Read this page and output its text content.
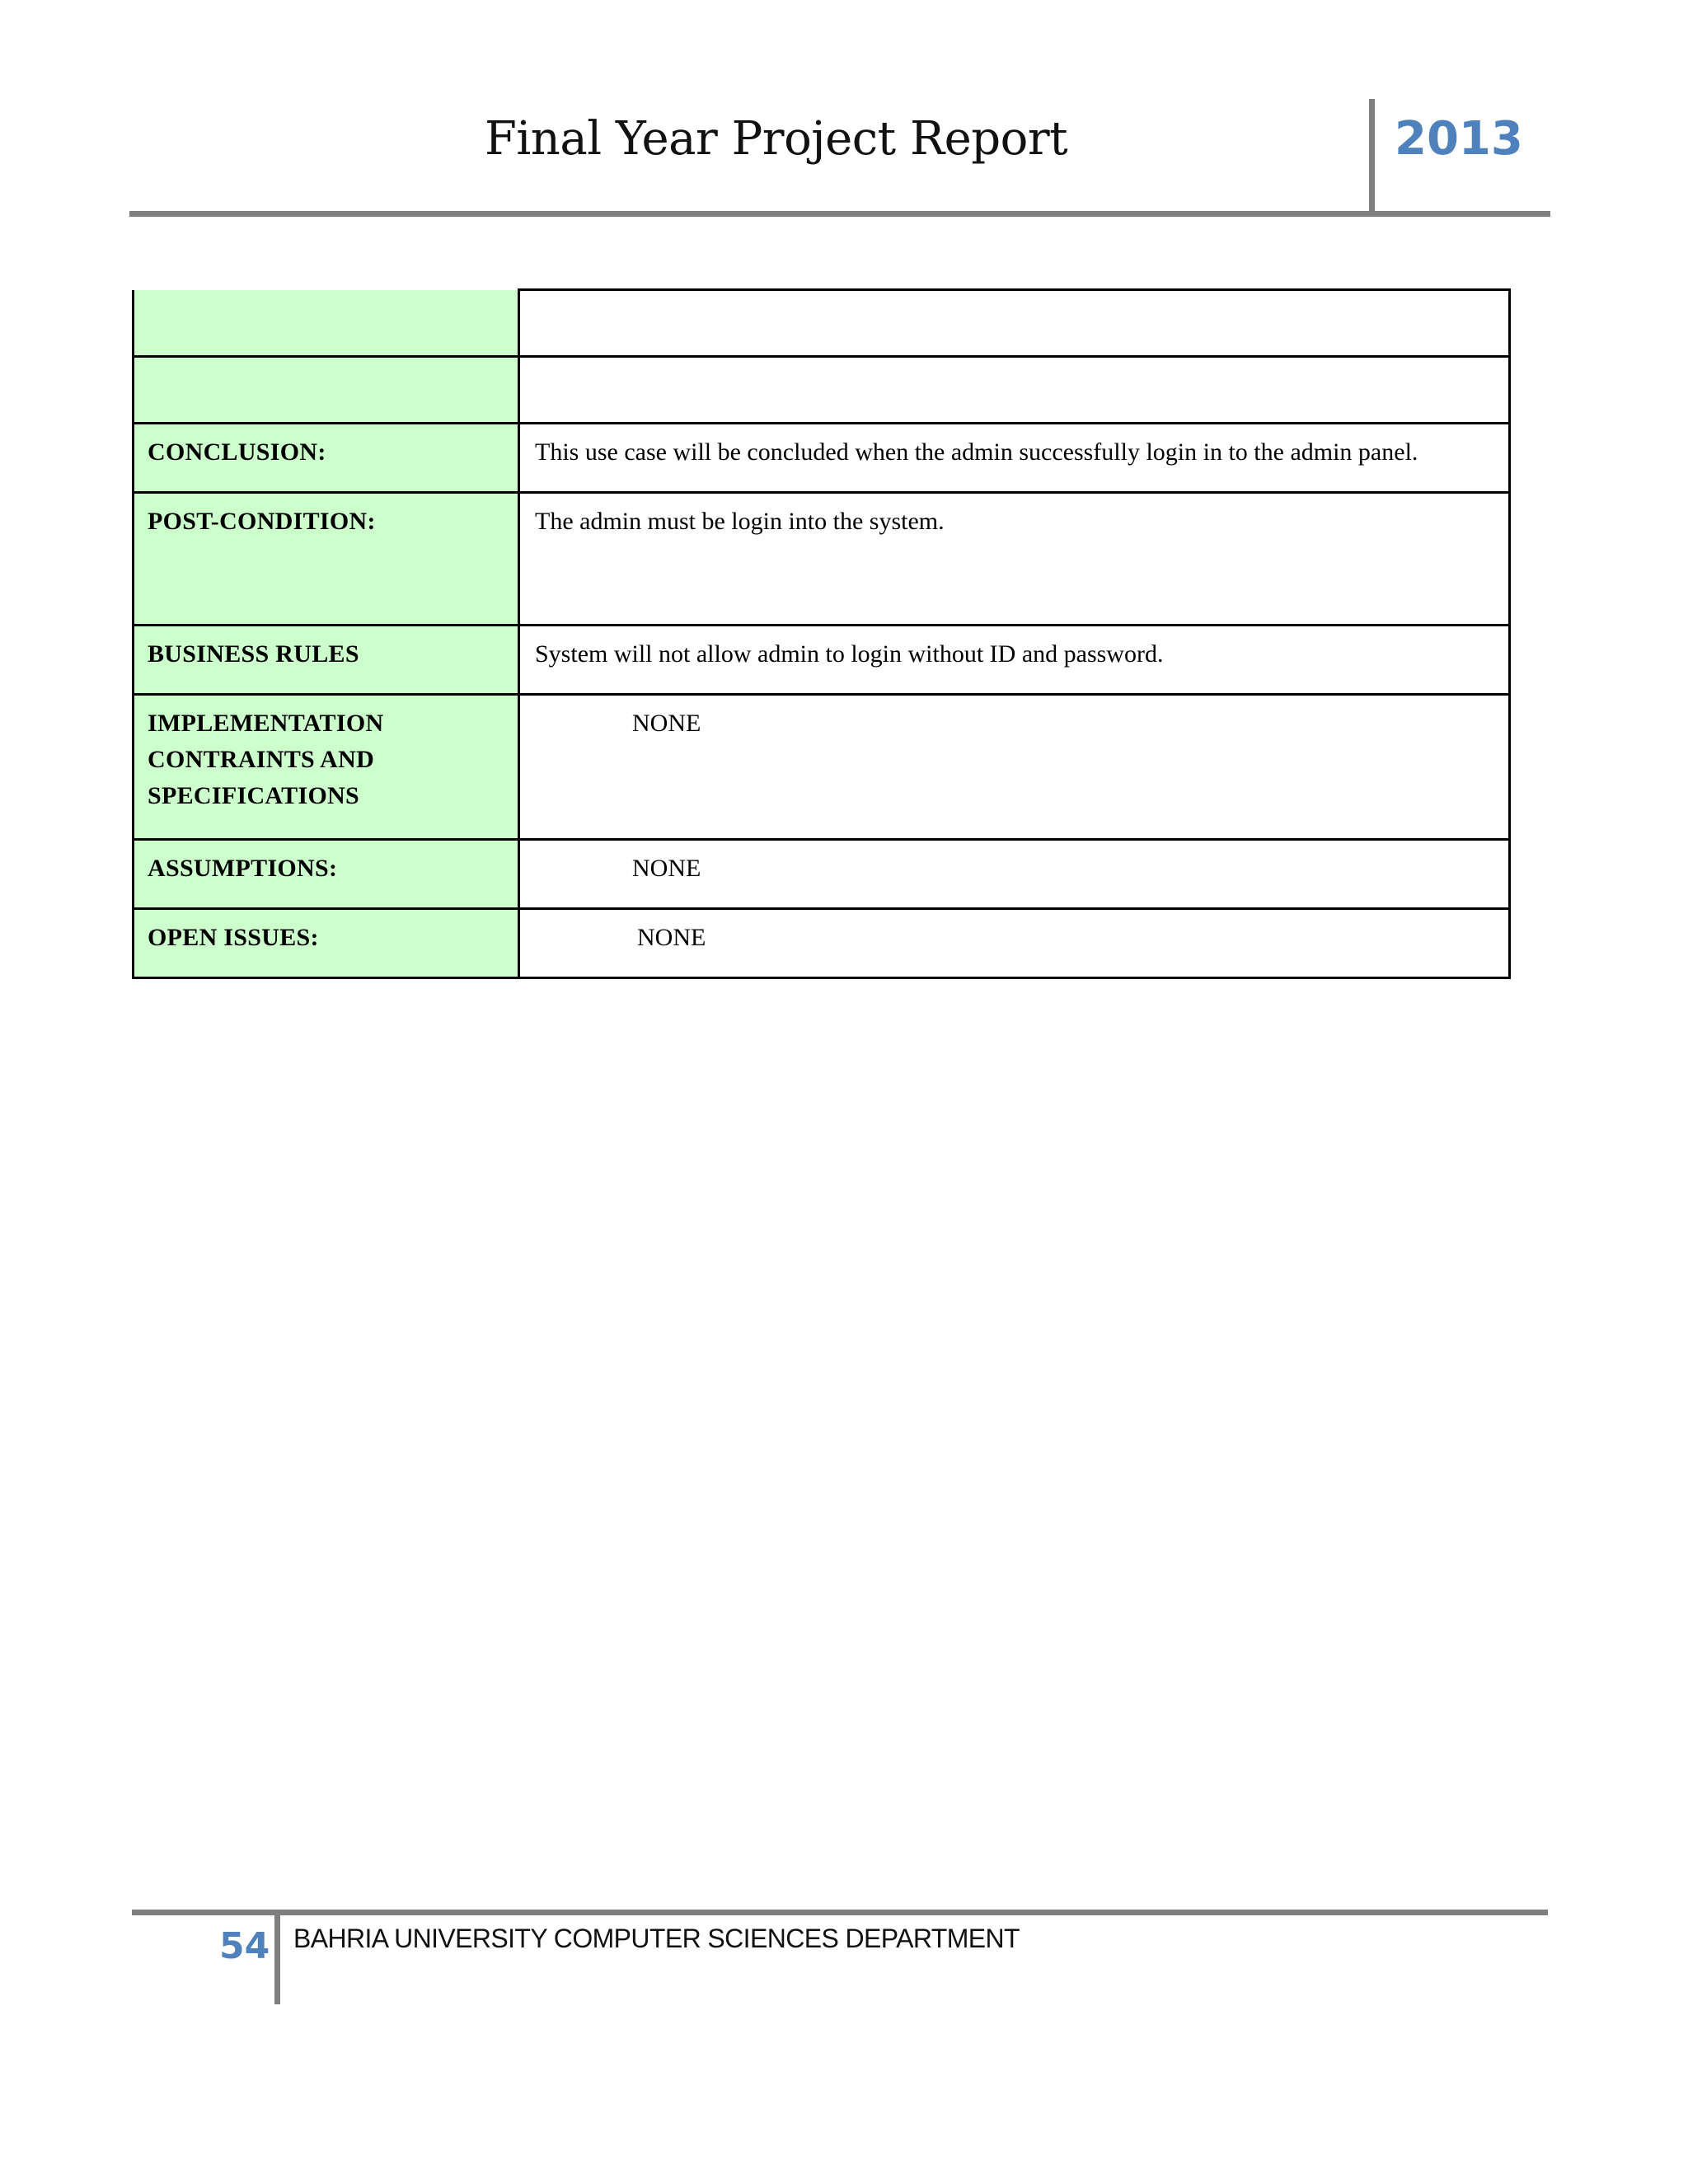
Final Year Project Report	2013

CONCLUSION:	This use case will be concluded when the admin successfully login in to the admin panel.
POST-CONDITION:	The admin must be login into the system.
BUSINESS RULES	System will not allow admin to login without ID and password.
IMPLEMENTATION CONTRAINTS AND SPECIFICATIONS	NONE
ASSUMPTIONS:	NONE
OPEN ISSUES:	NONE
54 BAHRIA UNIVERSITY COMPUTER SCIENCES DEPARTMENT
